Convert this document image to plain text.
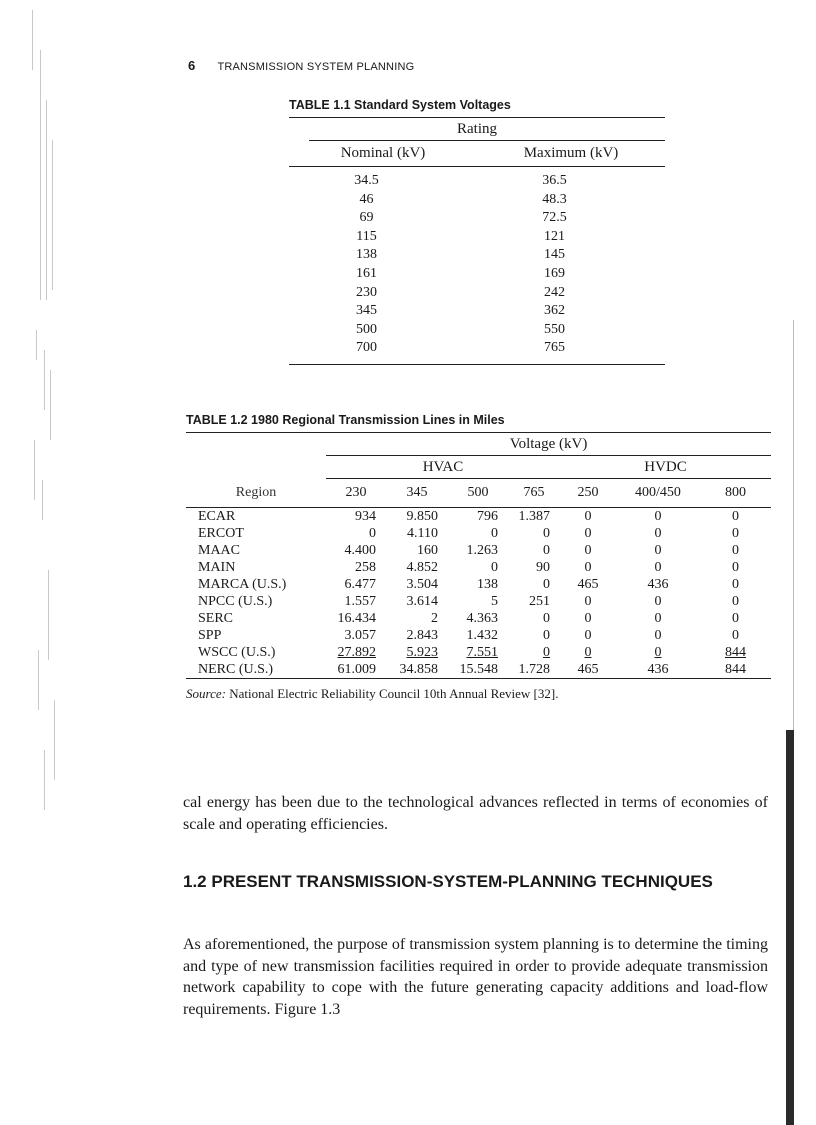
6 TRANSMISSION SYSTEM PLANNING
TABLE 1.1 Standard System Voltages
Rating
Nominal (kV)	Maximum (kV)
34.5	36.5
46	48.3
69	72.5
115	121
138	145
161	169
230	242
345	362
500	550
700	765
TABLE 1.2 1980 Regional Transmission Lines in Miles
Voltage (kV)							
	HVAC				HVDC		
Region	230	345	500	765	250	400/450	800
ECAR	934	9.850	796	1.387	0	0	0
ERCOT	0	4.110	0	0	0	0	0
MAAC	4.400	160	1.263	0	0	0	0
MAIN	258	4.852	0	90	0	0	0
MARCA (U.S.)	6.477	3.504	138	0	465	436	0
NPCC (U.S.)	1.557	3.614	5	251	0	0	0
SERC	16.434	2	4.363	0	0	0	0
SPP	3.057	2.843	1.432	0	0	0	0
WSCC (U.S.)	27.892	5.923	7.551	0	0	0	844
NERC (U.S.)	61.009	34.858	15.548	1.728	465	436	844
Source: National Electric Reliability Council 10th Annual Review [32].
cal energy has been due to the technological advances reflected in terms of economies of scale and operating efficiencies.
1.2 PRESENT TRANSMISSION-SYSTEM-PLANNING TECHNIQUES
As aforementioned, the purpose of transmission system planning is to determine the timing and type of new transmission facilities required in order to provide adequate transmission network capability to cope with the future generating capacity additions and load-flow requirements. Figure 1.3
